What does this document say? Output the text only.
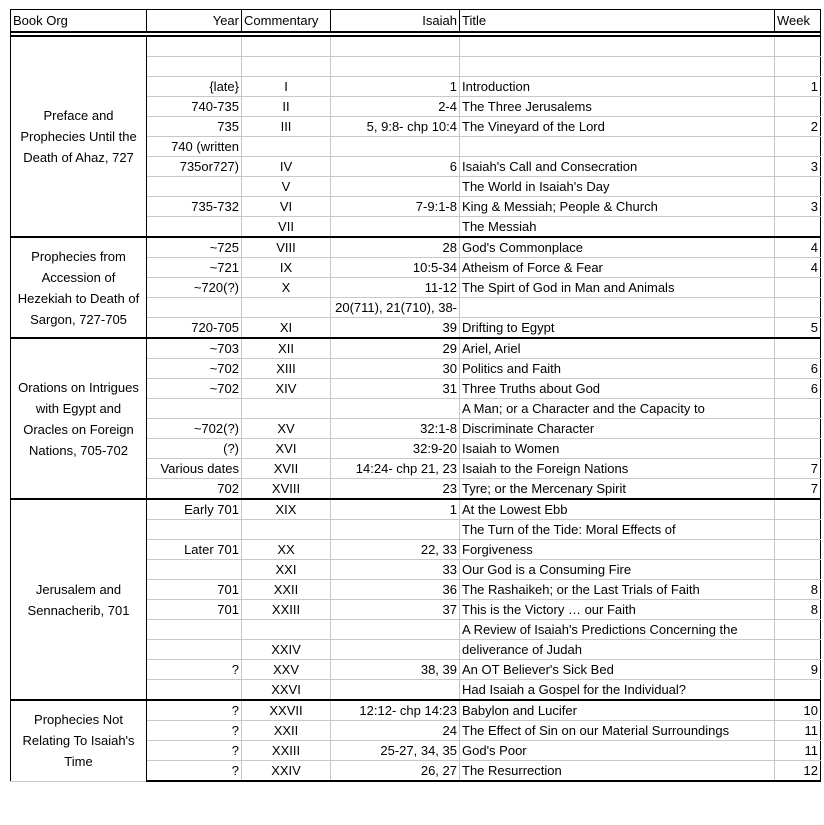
Book Org	Year	Commentary	Isaiah	Title	Week

Preface and Prophecies Until the Death of Ahaz, 727					

	{late}	I	1	Introduction	1
	740-735	II	2-4	The Three Jerusalems	
	735	III	5, 9:8- chp 10:4	The Vineyard of the Lord	2
	740 (written				
	735or727)	IV	6	Isaiah's Call and Consecration	3
		V		The World in Isaiah's Day	
	735-732	VI	7-9:1-8	King & Messiah; People & Church	3
		VII		The Messiah	
Prophecies from Accession of Hezekiah to Death of Sargon, 727-705	~725	VIII	28	God's Commonplace	4
	~721	IX	10:5-34	Atheism of Force & Fear	4
	~720(?)	X	11-12	The Spirt of God in Man and Animals	
			20(711), 21(710), 38-		
	720-705	XI	39	Drifting to Egypt	5
Orations on Intrigues with Egypt and Oracles on Foreign Nations, 705-702	~703	XII	29	Ariel, Ariel	
	~702	XIII	30	Politics and Faith	6
	~702	XIV	31	Three Truths about God	6
				A Man; or a Character and the Capacity to	
	~702(?)	XV	32:1-8	Discriminate Character	
	(?)	XVI	32:9-20	Isaiah to Women	
	Various dates	XVII	14:24- chp 21, 23	Isaiah to the Foreign Nations	7
	702	XVIII	23	Tyre; or the Mercenary Spirit	7
Jerusalem and Sennacherib, 701	Early 701	XIX	1	At the Lowest Ebb	
				The Turn of the Tide: Moral Effects of	
	Later 701	XX	22, 33	Forgiveness	
		XXI	33	Our God is a Consuming Fire	
	701	XXII	36	The Rashaikeh; or the Last Trials of Faith	8
	701	XXIII	37	This is the Victory … our Faith	8
				A Review of Isaiah's Predictions Concerning the	
		XXIV		deliverance of Judah	
	?	XXV	38, 39	An OT Believer's Sick Bed	9
		XXVI		Had Isaiah a Gospel for the Individual?	
Prophecies Not Relating To Isaiah's Time	?	XXVII	12:12- chp 14:23	Babylon and Lucifer	10
	?	XXII	24	The Effect of Sin on our Material Surroundings	11
	?	XXIII	25-27, 34, 35	God's Poor	11
	?	XXIV	26, 27	The Resurrection	12
